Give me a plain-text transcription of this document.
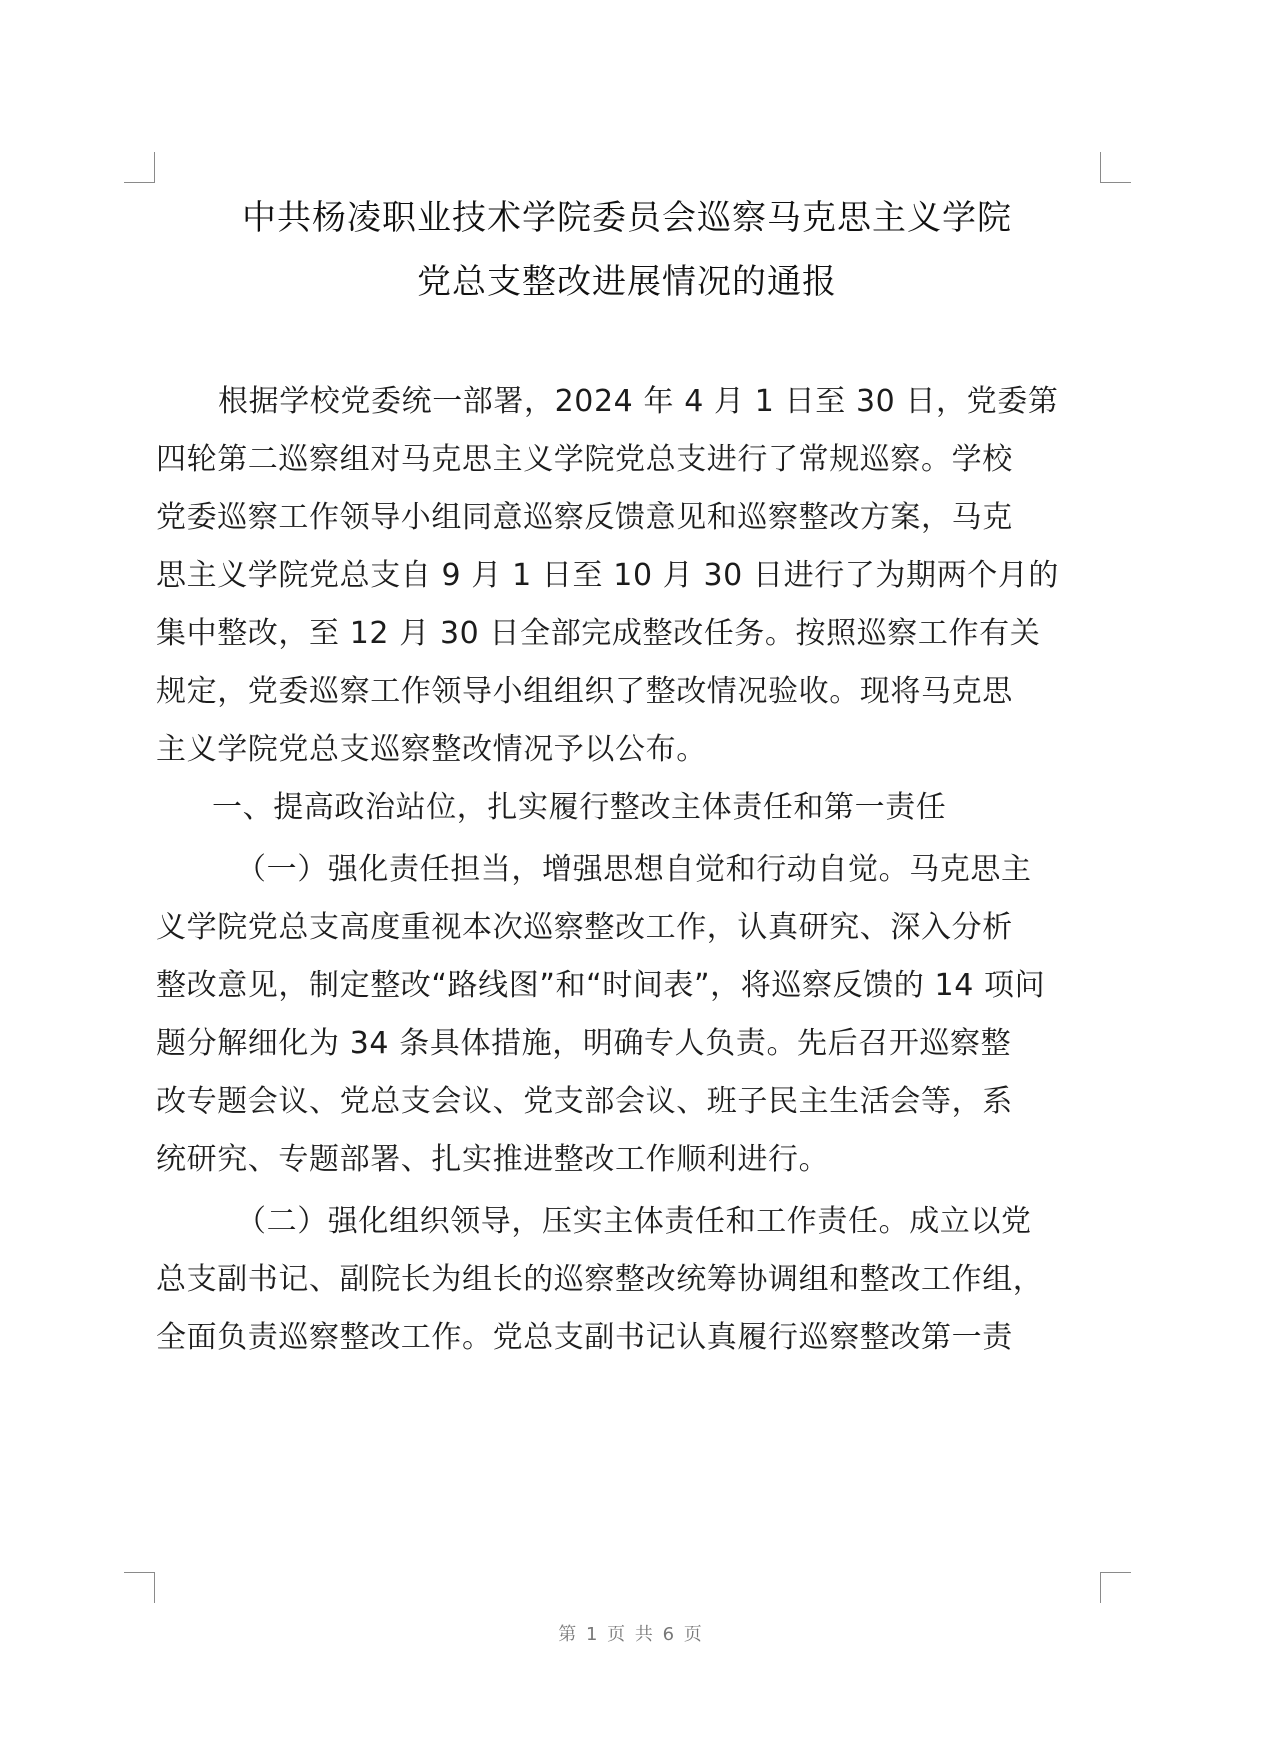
中共杨凌职业技术学院委员会巡察马克思主义学院
党总支整改进展情况的通报
根据学校党委统一部署，2024 年 4 月 1 日至 30 日，党委第
四轮第二巡察组对马克思主义学院党总支进行了常规巡察。学校
党委巡察工作领导小组同意巡察反馈意见和巡察整改方案，马克
思主义学院党总支自 9 月 1 日至 10 月 30 日进行了为期两个月的
集中整改，至 12 月 30 日全部完成整改任务。按照巡察工作有关
规定，党委巡察工作领导小组组织了整改情况验收。现将马克思
主义学院党总支巡察整改情况予以公布。
一、提高政治站位，扎实履行整改主体责任和第一责任
（一）强化责任担当，增强思想自觉和行动自觉。马克思主
义学院党总支高度重视本次巡察整改工作，认真研究、深入分析
整改意见，制定整改“路线图”和“时间表”，将巡察反馈的 14 项问
题分解细化为 34 条具体措施，明确专人负责。先后召开巡察整
改专题会议、党总支会议、党支部会议、班子民主生活会等，系
统研究、专题部署、扎实推进整改工作顺利进行。
（二）强化组织领导，压实主体责任和工作责任。成立以党
总支副书记、副院长为组长的巡察整改统筹协调组和整改工作组，
全面负责巡察整改工作。党总支副书记认真履行巡察整改第一责
第 1 页 共 6 页
